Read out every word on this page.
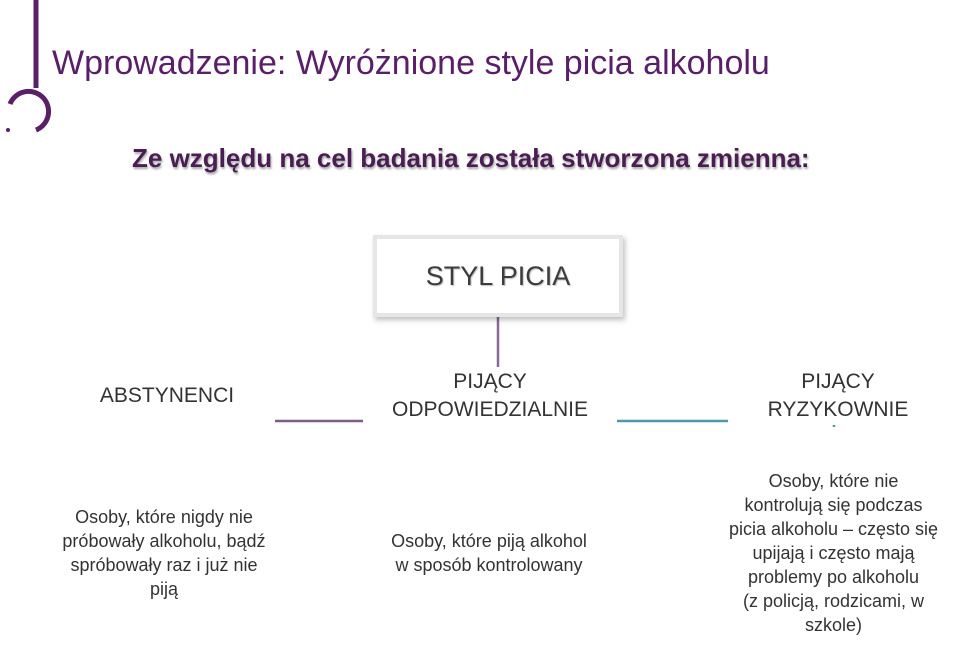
Wprowadzenie: Wyróżnione style picia alkoholu
Ze względu na cel badania została stworzona zmienna:
STYL PICIA
ABSTYNENCI
PIJĄCY
ODPOWIEDZIALNIE
PIJĄCY
RYZYKOWNIE
Osoby, które nigdy nie
próbowały alkoholu, bądź
spróbowały raz i już nie
piją
Osoby, które piją alkohol
w sposób kontrolowany
Osoby, które nie
kontrolują się podczas
picia alkoholu – często się
upijają i często mają
problemy po alkoholu
(z policją, rodzicami, w
szkole)
